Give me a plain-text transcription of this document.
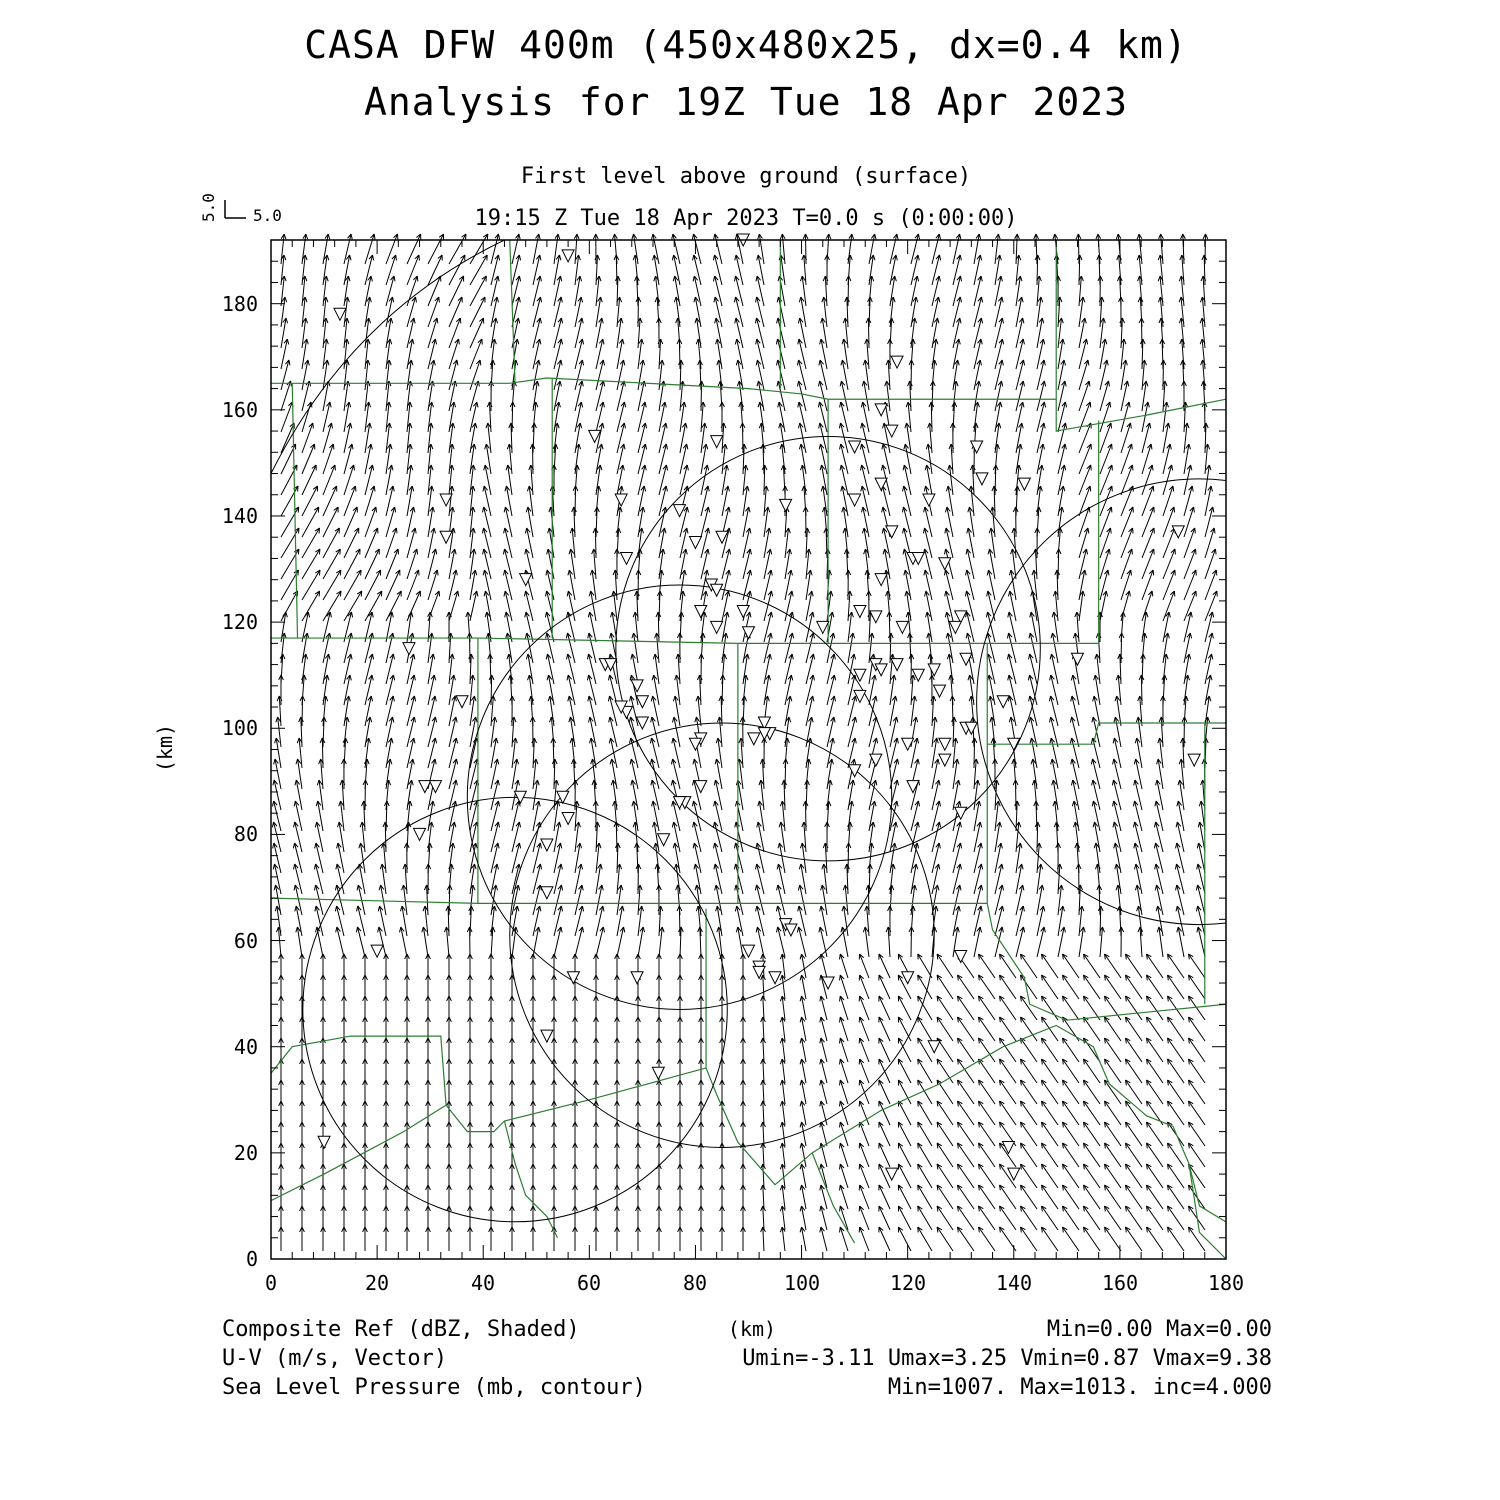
CASA DFW 400m (450x480x25, dx=0.4 km)
Analysis for 19Z Tue 18 Apr 2023
First level above ground (surface)
19:15 Z Tue 18 Apr 2023 T=0.0 s (0:00:00)
5.0
5.0
0	20	40	60	80	100	120	140	160	180
0
20
40
60
80
100
120
140
160
180
(km)
(km)
Composite Ref (dBZ, Shaded)
U-V (m/s, Vector)
Sea Level Pressure (mb, contour)
Min=0.00 Max=0.00
Umin=-3.11 Umax=3.25 Vmin=0.87 Vmax=9.38
Min=1007. Max=1013. inc=4.000
